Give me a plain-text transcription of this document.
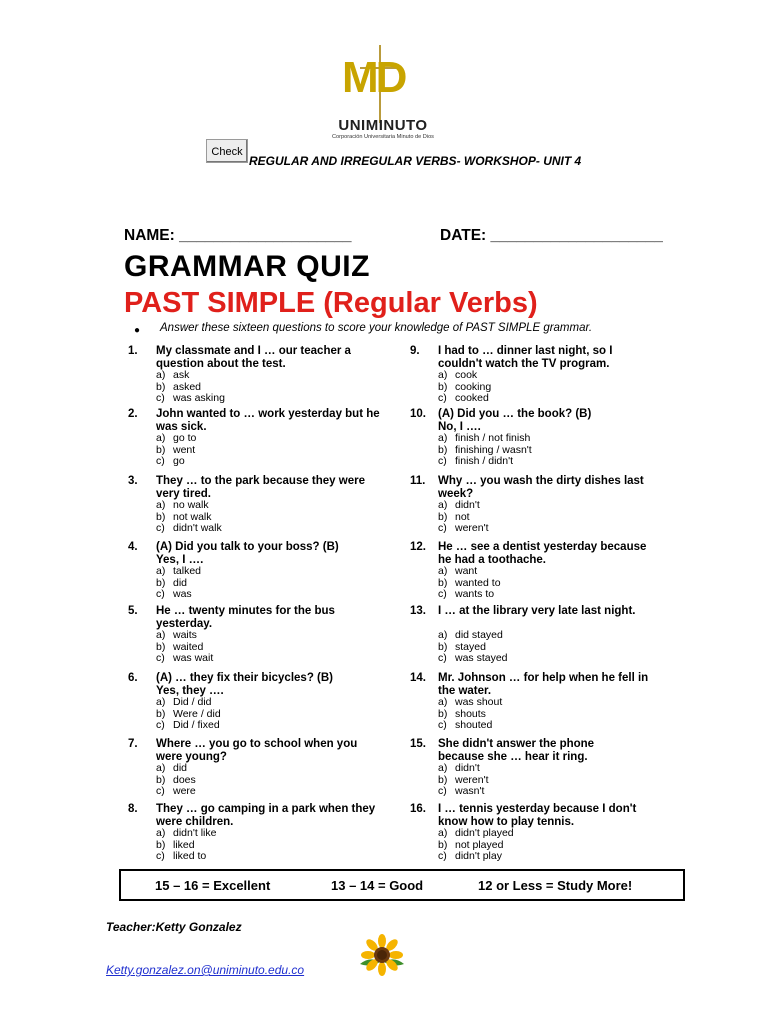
MD
UNIMINUTO
Corporación Universitaria Minuto de Dios
Check
REGULAR AND IRREGULAR VERBS- WORKSHOP- UNIT 4
NAME: ____________________	DATE: ____________________
GRAMMAR QUIZ
PAST SIMPLE (Regular Verbs)
● Answer these sixteen questions to score your knowledge of PAST SIMPLE grammar.
1. My classmate and I … our teacher a question about the test.
a) ask
b) asked
c) was asking
2. John wanted to … work yesterday but he was sick.
a) go to
b) went
c) go
3. They … to the park because they were very tired.
a) no walk
b) not walk
c) didn't walk
4. (A) Did you talk to your boss? (B) Yes, I ….
a) talked
b) did
c) was
5. He … twenty minutes for the bus yesterday.
a) waits
b) waited
c) was wait
6. (A) … they fix their bicycles? (B) Yes, they ….
a) Did / did
b) Were / did
c) Did / fixed
7. Where … you go to school when you were young?
a) did
b) does
c) were
8. They … go camping in a park when they were children.
a) didn't like
b) liked
c) liked to
9. I had to … dinner last night, so I couldn't watch the TV program.
a) cook
b) cooking
c) cooked
10. (A) Did you … the book? (B) No, I ….
a) finish / not finish
b) finishing / wasn't
c) finish / didn't
11. Why … you wash the dirty dishes last week?
a) didn't
b) not
c) weren't
12. He … see a dentist yesterday because he had a toothache.
a) want
b) wanted to
c) wants to
13. I … at the library very late last night.
a) did stayed
b) stayed
c) was stayed
14. Mr. Johnson … for help when he fell in the water.
a) was shout
b) shouts
c) shouted
15. She didn't answer the phone because she … hear it ring.
a) didn't
b) weren't
c) wasn't
16. I … tennis yesterday because I don't know how to play tennis.
a) didn't played
b) not played
c) didn't play
15 – 16 = Excellent	13 – 14 = Good	12 or Less = Study More!
Teacher:Ketty Gonzalez
Ketty.gonzalez.on@uniminuto.edu.co
